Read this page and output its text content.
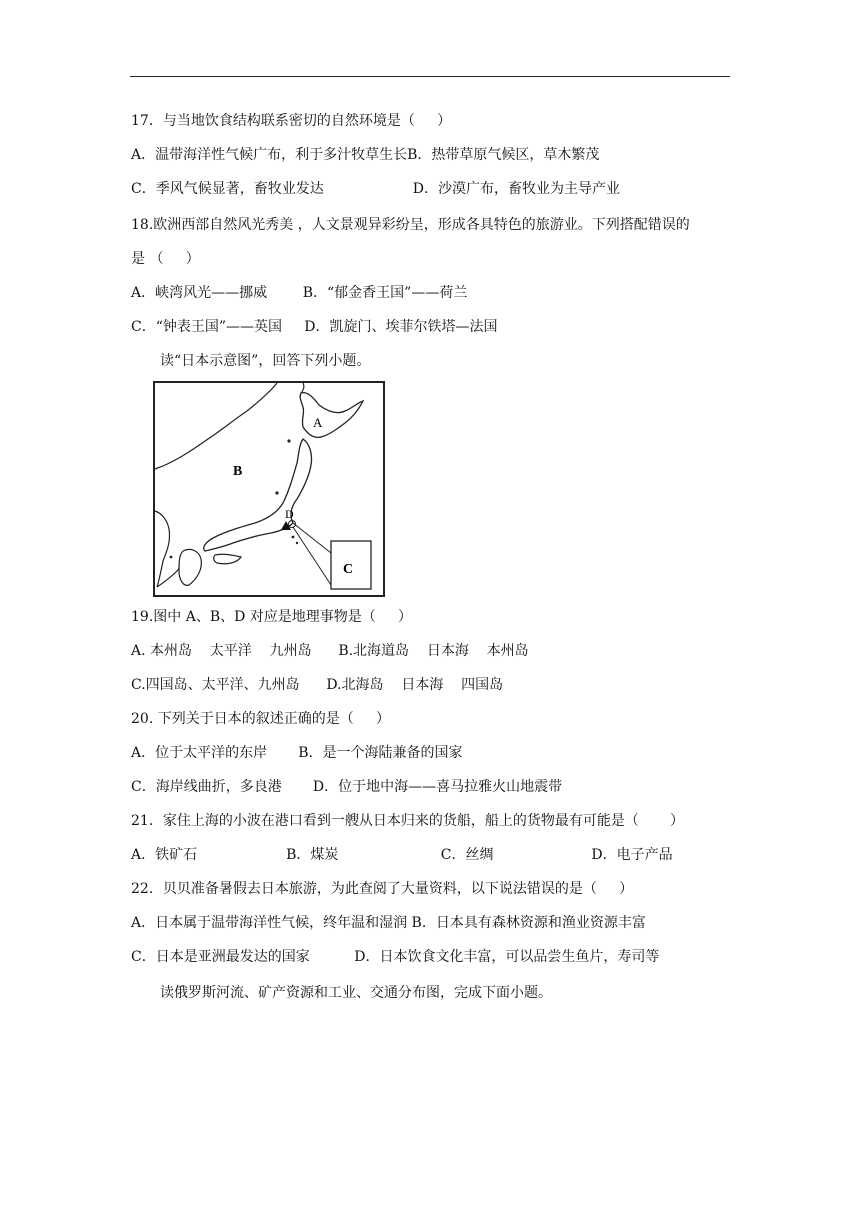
17．与当地饮食结构联系密切的自然环境是（     ）
A．温带海洋性气候广布，利于多汁牧草生长B．热带草原气候区，草木繁茂
C．季风气候显著，畜牧业发达                    D．沙漠广布，畜牧业为主导产业
18.欧洲西部自然风光秀美 ，人文景观异彩纷呈，形成各具特色的旅游业。下列搭配错误的
是 （     ）
A．峡湾风光——挪威        B．“郁金香王国”——荷兰
C．“钟表王国”——英国     D．凯旋门、埃菲尔铁塔—法国
读“日本示意图”，回答下列小题。
A
B
D
C
19.图中 A、B、D 对应是地理事物是（     ）
A. 本州岛    太平洋    九州岛      B.北海道岛    日本海    本州岛
C.四国岛、太平洋、九州岛      D.北海岛    日本海    四国岛
20. 下列关于日本的叙述正确的是（     ）
A．位于太平洋的东岸       B．是一个海陆兼备的国家
C．海岸线曲折，多良港       D．位于地中海——喜马拉雅火山地震带
21．家住上海的小波在港口看到一艘从日本归来的货船，船上的货物最有可能是（       ）
A．铁矿石                    B．煤炭                       C．丝绸                      D．电子产品
22．贝贝准备暑假去日本旅游，为此查阅了大量资料，以下说法错误的是（     ）
A．日本属于温带海洋性气候，终年温和湿润 B．日本具有森林资源和渔业资源丰富
C．日本是亚洲最发达的国家          D．日本饮食文化丰富，可以品尝生鱼片，寿司等
读俄罗斯河流、矿产资源和工业、交通分布图，完成下面小题。
